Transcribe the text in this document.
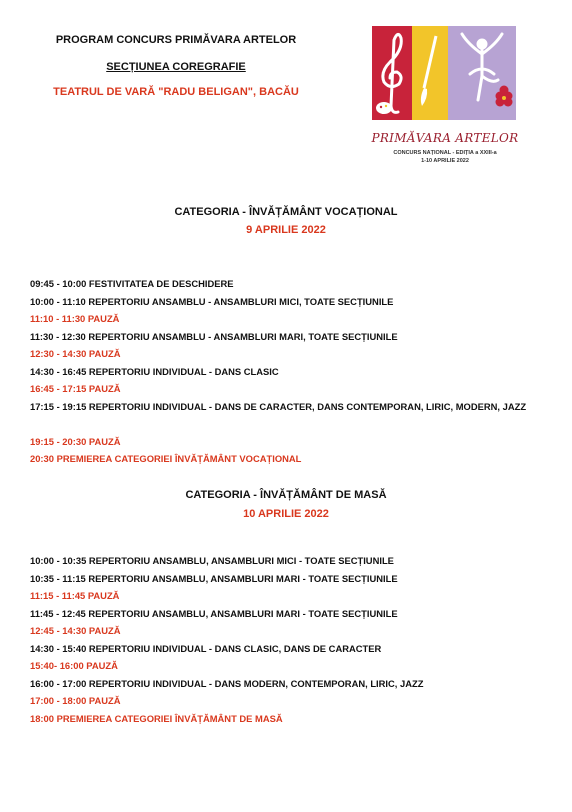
PROGRAM CONCURS PRIMĂVARA ARTELOR
SECȚIUNEA COREGRAFIE
TEATRUL DE VARĂ "RADU BELIGAN", BACĂU
PRIMĂVARA ARTELOR
CONCURS NAȚIONAL - EDIȚIA a XXIII-a
1-10 APRILIE 2022
CATEGORIA - ÎNVĂȚĂMÂNT VOCAȚIONAL
9 APRILIE 2022
09:45 - 10:00 FESTIVITATEA DE DESCHIDERE
10:00 - 11:10 REPERTORIU ANSAMBLU - ANSAMBLURI MICI, TOATE SECȚIUNILE
11:10 - 11:30 PAUZĂ
11:30 - 12:30 REPERTORIU ANSAMBLU - ANSAMBLURI MARI, TOATE SECȚIUNILE
12:30 - 14:30 PAUZĂ
14:30 - 16:45 REPERTORIU INDIVIDUAL - DANS CLASIC
16:45 - 17:15 PAUZĂ
17:15 - 19:15 REPERTORIU INDIVIDUAL - DANS DE CARACTER, DANS CONTEMPORAN, LIRIC, MODERN, JAZZ
19:15 - 20:30 PAUZĂ
20:30 PREMIEREA CATEGORIEI ÎNVĂȚĂMÂNT VOCAȚIONAL
CATEGORIA - ÎNVĂȚĂMÂNT DE MASĂ
10 APRILIE 2022
10:00 - 10:35 REPERTORIU ANSAMBLU, ANSAMBLURI MICI - TOATE SECȚIUNILE
10:35 - 11:15 REPERTORIU ANSAMBLU, ANSAMBLURI MARI - TOATE SECȚIUNILE
11:15 - 11:45 PAUZĂ
11:45 - 12:45 REPERTORIU ANSAMBLU, ANSAMBLURI MARI - TOATE SECȚIUNILE
12:45 - 14:30 PAUZĂ
14:30 - 15:40 REPERTORIU INDIVIDUAL - DANS CLASIC, DANS DE CARACTER
15:40- 16:00 PAUZĂ
16:00 - 17:00 REPERTORIU INDIVIDUAL - DANS MODERN, CONTEMPORAN, LIRIC, JAZZ
17:00 - 18:00 PAUZĂ
18:00 PREMIEREA CATEGORIEI ÎNVĂȚĂMÂNT DE MASĂ
